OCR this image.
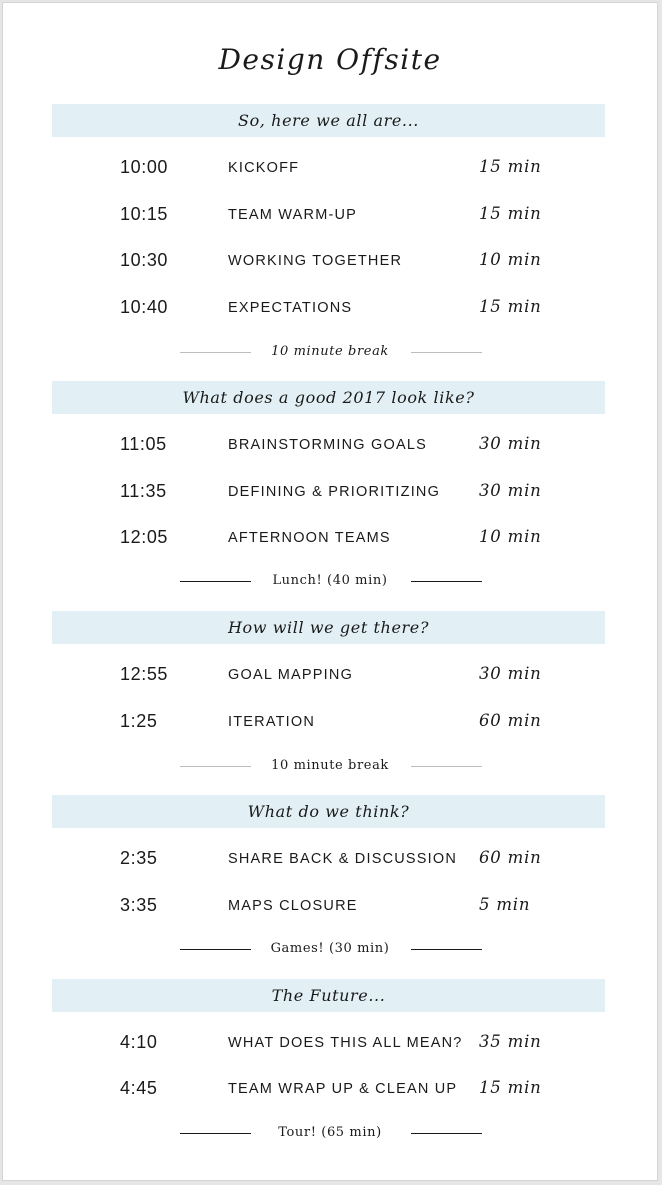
Design Offsite
So, here we all are...
10:00	KICKOFF	15 min
10:15	TEAM WARM-UP	15 min
10:30	WORKING TOGETHER	10 min
10:40	EXPECTATIONS	15 min
10 minute break
What does a good 2017 look like?
11:05	BRAINSTORMING GOALS	30 min
11:35	DEFINING & PRIORITIZING 30 min
12:05	AFTERNOON TEAMS	10 min
Lunch! (40 min)
How will we get there?
12:55	GOAL MAPPING	30 min
1:25	ITERATION	60 min
10 minute break
What do we think?
2:35	SHARE BACK & DISCUSSION 60 min
3:35	MAPS CLOSURE	5 min
Games! (30 min)
The Future...
4:10	WHAT DOES THIS ALL MEAN? 35 min
4:45	TEAM WRAP UP & CLEAN UP 15 min
Tour! (65 min)
